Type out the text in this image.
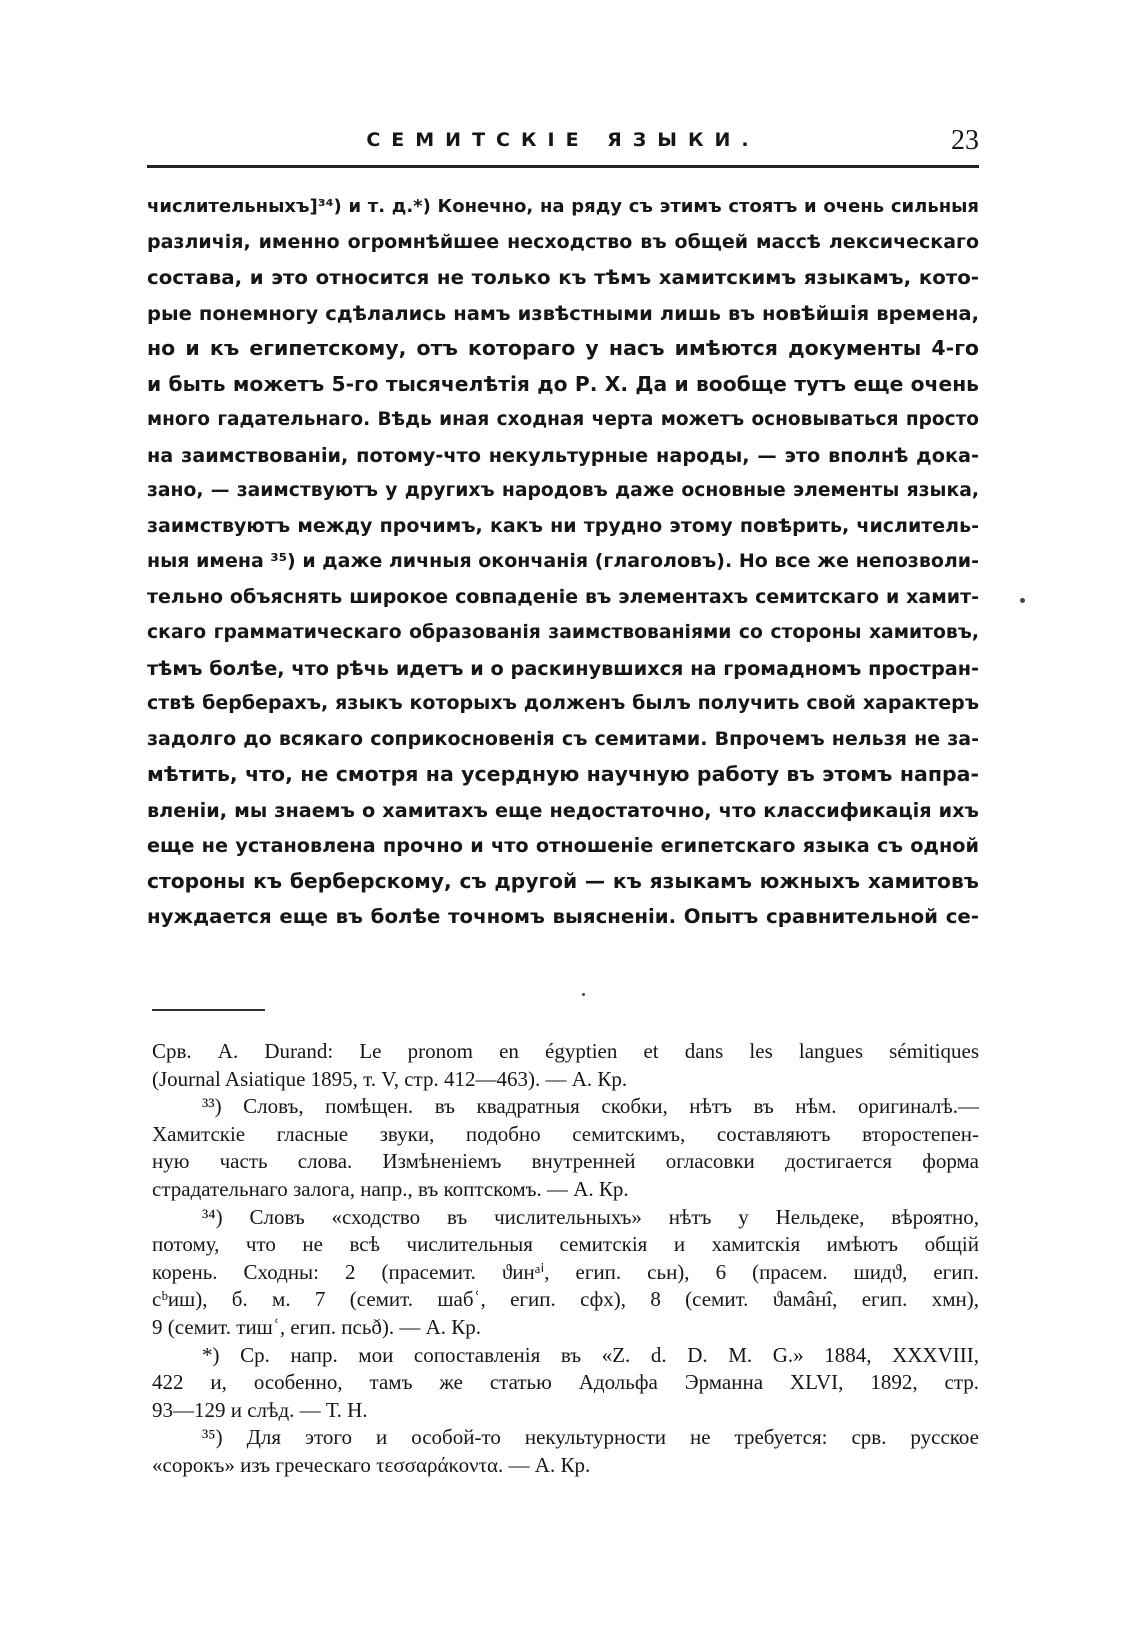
СЕМИТСКІЕ ЯЗЫКИ.	23
числительныхъ]³⁴) и т. д.*) Конечно, на ряду съ этимъ стоятъ и очень сильныя
различія, именно огромнѣйшее несходство въ общей массѣ лексическаго
состава, и это относится не только къ тѣмъ хамитскимъ языкамъ, кото-
рые понемногу сдѣлались намъ извѣстными лишь въ новѣйшія времена,
но и къ египетскому, отъ котораго у насъ имѣются документы 4-го
и быть можетъ 5-го тысячелѣтія до Р. Х. Да и вообще тутъ еще очень
много гадательнаго. Вѣдь иная сходная черта можетъ основываться просто
на заимствованіи, потому-что некультурные народы, — это вполнѣ дока-
зано, — заимствуютъ у другихъ народовъ даже основные элементы языка,
заимствуютъ между прочимъ, какъ ни трудно этому повѣрить, числитель-
ныя имена ³⁵) и даже личныя окончанія (глаголовъ). Но все же непозволи-
тельно объяснять широкое совпаденіе въ элементахъ семитскаго и хамит-
скаго грамматическаго образованія заимствованіями со стороны хамитовъ,
тѣмъ болѣе, что рѣчь идетъ и о раскинувшихся на громадномъ простран-
ствѣ берберахъ, языкъ которыхъ долженъ былъ получить свой характеръ
задолго до всякаго соприкосновенія съ семитами. Впрочемъ нельзя не за-
мѣтить, что, не смотря на усердную научную работу въ этомъ напра-
вленіи, мы знаемъ о хамитахъ еще недостаточно, что классификація ихъ
еще не установлена прочно и что отношеніе египетскаго языка съ одной
стороны къ берберскому, съ другой — къ языкамъ южныхъ хамитовъ
нуждается еще въ болѣе точномъ выясненіи. Опытъ сравнительной се-
Срв. A. Durand: Le pronom en égyptien et dans les langues sémitiques
(Journal Asiatique 1895, т. V, стр. 412—463). — А. Кр.
³³) Словъ, помѣщен. въ квадратныя скобки, нѣтъ въ нѣм. оригиналѣ.—
Хамитскіе гласные звуки, подобно семитскимъ, составляютъ второстепен-
ную часть слова. Измѣненіемъ внутренней огласовки достигается форма
страдательнаго залога, напр., въ коптскомъ. — А. Кр.
³⁴) Словъ «сходство въ числительныхъ» нѣтъ у Нельдеке, вѣроятно,
потому, что не всѣ числительныя семитскія и хамитскія имѣютъ общій
корень. Сходны: 2 (прасемит. ϑинᵃⁱ, егип. сьн), 6 (прасем. шидϑ, егип.
сᵇиш), б. м. 7 (семит. шабʿ, егип. сфх), 8 (семит. ϑамâнî, егип. хмн),
9 (семит. тишʿ, егип. псьð). — А. Кр.
*) Ср. напр. мои сопоставленія въ «Z. d. D. M. G.» 1884, XXXVIII,
422 и, особенно, тамъ же статью Адольфа Эрманна XLVI, 1892, стр.
93—129 и слѣд. — Т. Н.
³⁵) Для этого и особой-то некультурности не требуется: срв. русское
«сорокъ» изъ греческаго τεσσαράκοντα. — А. Кр.
